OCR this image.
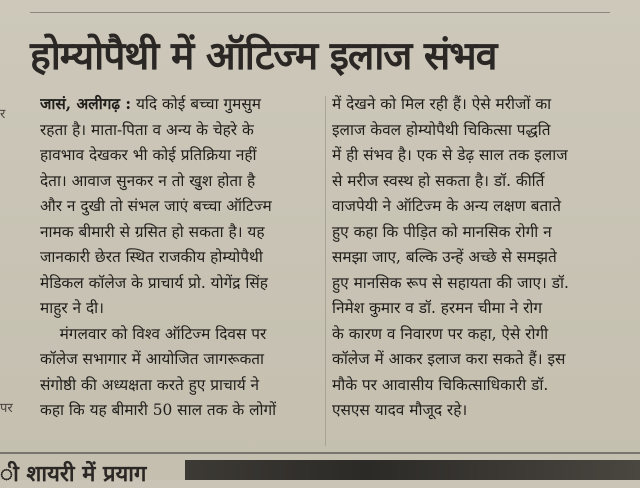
होम्योपैथी में ऑटिज्म इलाज संभव
र
पर
जासं, अलीगढ़ : यदि कोई बच्चा गुमसुम
रहता है। माता-पिता व अन्य के चेहरे के
हावभाव देखकर भी कोई प्रतिक्रिया नहीं
देता। आवाज सुनकर न तो खुश होता है
और न दुखी तो संभल जाएं बच्चा ऑटिज्म
नामक बीमारी से ग्रसित हो सकता है। यह
जानकारी छेरत स्थित राजकीय होम्योपैथी
मेडिकल कॉलेज के प्राचार्य प्रो. योगेंद्र सिंह
माहुर ने दी।
मंगलवार को विश्व ऑटिज्म दिवस पर
कॉलेज सभागार में आयोजित जागरूकता
संगोष्ठी की अध्यक्षता करते हुए प्राचार्य ने
कहा कि यह बीमारी 50 साल तक के लोगों
में देखने को मिल रही हैं। ऐसे मरीजों का
इलाज केवल होम्योपैथी चिकित्सा पद्धति
में ही संभव है। एक से डेढ़ साल तक इलाज
से मरीज स्वस्थ हो सकता है। डॉ. कीर्ति
वाजपेयी ने ऑटिज्म के अन्य लक्षण बताते
हुए कहा कि पीड़ित को मानसिक रोगी न
समझा जाए, बल्कि उन्हें अच्छे से समझते
हुए मानसिक रूप से सहायता की जाए। डॉ.
निमेश कुमार व डॉ. हरमन चीमा ने रोग
के कारण व निवारण पर कहा, ऐसे रोगी
कॉलेज में आकर इलाज करा सकते हैं। इस
मौके पर आवासीय चिकित्साधिकारी डॉ.
एसएस यादव मौजूद रहे।
ी शायरी में प्रयाग
